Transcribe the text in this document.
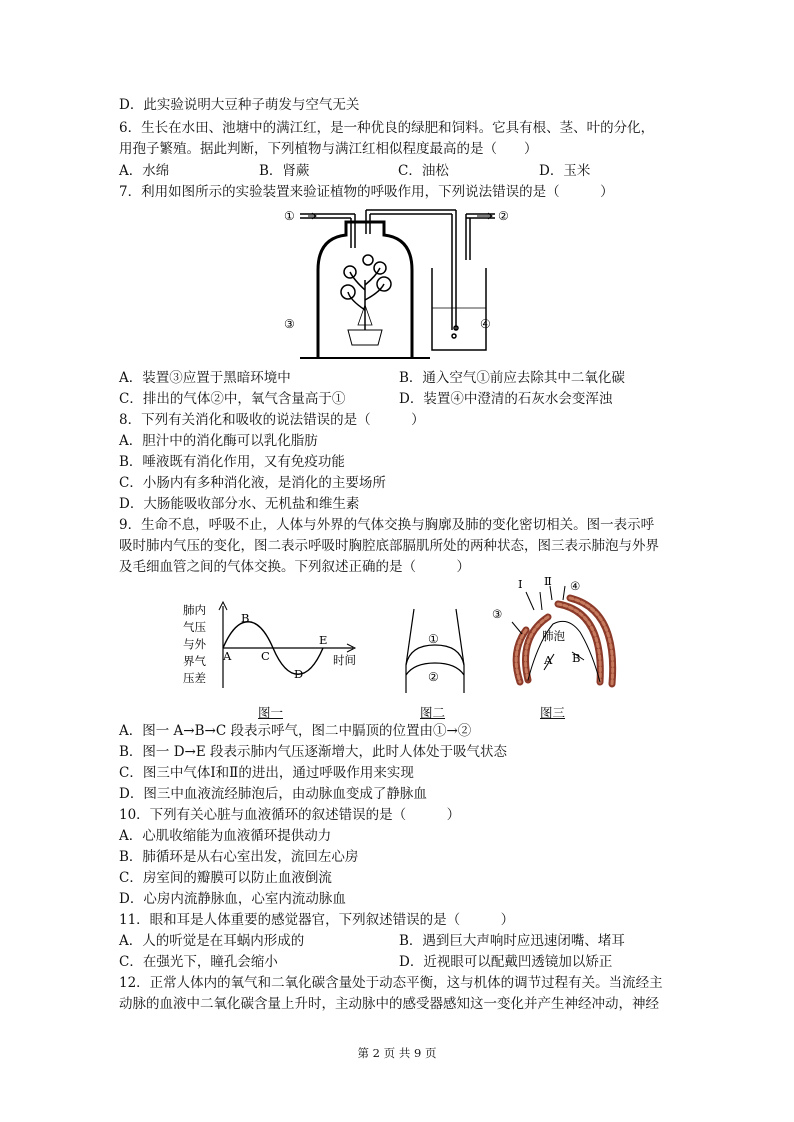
D．此实验说明大豆种子萌发与空气无关
6．生长在水田、池塘中的满江红，是一种优良的绿肥和饲料。它具有根、茎、叶的分化，
用孢子繁殖。据此判断，下列植物与满江红相似程度最高的是（　　）
A．水绵	B．肾蕨	C．油松	D．玉米
7．利用如图所示的实验装置来验证植物的呼吸作用，下列说法错误的是（　　　）
①	②
③	④
A．装置③应置于黑暗环境中	B．通入空气①前应去除其中二氧化碳
C．排出的气体②中，氧气含量高于①	D．装置④中澄清的石灰水会变浑浊
8．下列有关消化和吸收的说法错误的是（　　　）
A．胆汁中的消化酶可以乳化脂肪
B．唾液既有消化作用，又有免疫功能
C．小肠内有多种消化液，是消化的主要场所
D．大肠能吸收部分水、无机盐和维生素
9．生命不息，呼吸不止，人体与外界的气体交换与胸廓及肺的变化密切相关。图一表示呼
吸时肺内气压的变化，图二表示呼吸时胸腔底部膈肌所处的两种状态，图三表示肺泡与外界
及毛细血管之间的气体交换。下列叙述正确的是（　　　）
肺内
气压
与外
界气
压差
时间
A
B
C
D
E
图一
①
②
图二
Ⅰ Ⅱ ④
③
肺泡
A B
图三
A．图一 A→B→C 段表示呼气，图二中膈顶的位置由①→②
B．图一 D→E 段表示肺内气压逐渐增大，此时人体处于吸气状态
C．图三中气体Ⅰ和Ⅱ的进出，通过呼吸作用来实现
D．图三中血液流经肺泡后，由动脉血变成了静脉血
10．下列有关心脏与血液循环的叙述错误的是（　　　）
A．心肌收缩能为血液循环提供动力
B．肺循环是从右心室出发，流回左心房
C．房室间的瓣膜可以防止血液倒流
D．心房内流静脉血，心室内流动脉血
11．眼和耳是人体重要的感觉器官，下列叙述错误的是（　　　）
A．人的听觉是在耳蜗内形成的	B．遇到巨大声响时应迅速闭嘴、堵耳
C．在强光下，瞳孔会缩小	D．近视眼可以配戴凹透镜加以矫正
12．正常人体内的氧气和二氧化碳含量处于动态平衡，这与机体的调节过程有关。当流经主
动脉的血液中二氧化碳含量上升时，主动脉中的感受器感知这一变化并产生神经冲动，神经
第 2 页 共 9 页
